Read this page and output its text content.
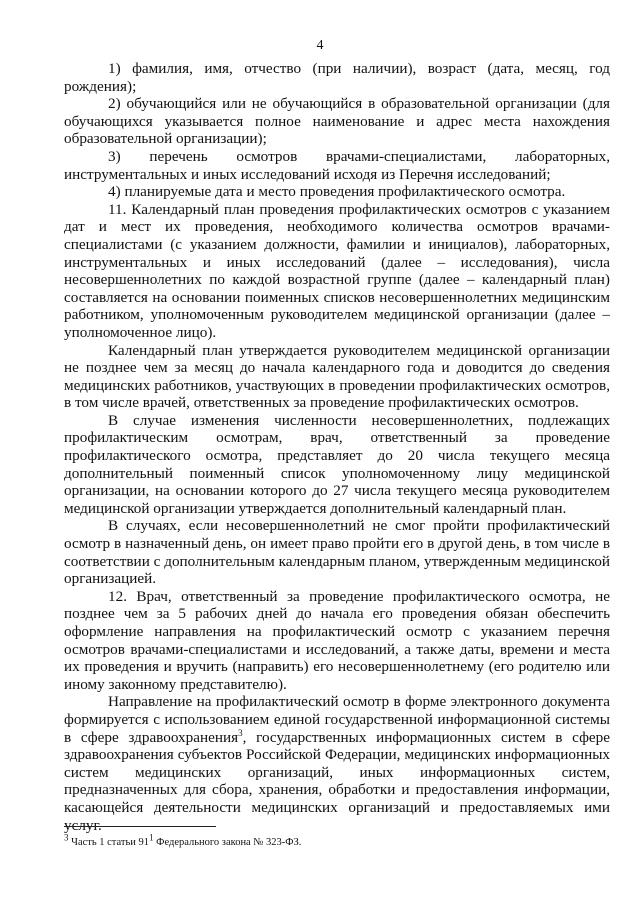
4

1) фамилия, имя, отчество (при наличии), возраст (дата, месяц, год рождения);

2) обучающийся или не обучающийся в образовательной организации (для обучающихся указывается полное наименование и адрес места нахождения образовательной организации);

3) перечень осмотров врачами-специалистами, лабораторных, инструментальных и иных исследований исходя из Перечня исследований;

4) планируемые дата и место проведения профилактического осмотра.

11. Календарный план проведения профилактических осмотров с указанием дат и мест их проведения, необходимого количества осмотров врачами-специалистами (с указанием должности, фамилии и инициалов), лабораторных, инструментальных и иных исследований (далее – исследования), числа несовершеннолетних по каждой возрастной группе (далее – календарный план) составляется на основании поименных списков несовершеннолетних медицинским работником, уполномоченным руководителем медицинской организации (далее – уполномоченное лицо).

Календарный план утверждается руководителем медицинской организации не позднее чем за месяц до начала календарного года и доводится до сведения медицинских работников, участвующих в проведении профилактических осмотров, в том числе врачей, ответственных за проведение профилактических осмотров.

В случае изменения численности несовершеннолетних, подлежащих профилактическим осмотрам, врач, ответственный за проведение профилактического осмотра, представляет до 20 числа текущего месяца дополнительный поименный список уполномоченному лицу медицинской организации, на основании которого до 27 числа текущего месяца руководителем медицинской организации утверждается дополнительный календарный план.

В случаях, если несовершеннолетний не смог пройти профилактический осмотр в назначенный день, он имеет право пройти его в другой день, в том числе в соответствии с дополнительным календарным планом, утвержденным медицинской организацией.

12. Врач, ответственный за проведение профилактического осмотра, не позднее чем за 5 рабочих дней до начала его проведения обязан обеспечить оформление направления на профилактический осмотр с указанием перечня осмотров врачами-специалистами и исследований, а также даты, времени и места их проведения и вручить (направить) его несовершеннолетнему (его родителю или иному законному представителю).

Направление на профилактический осмотр в форме электронного документа формируется с использованием единой государственной информационной системы в сфере здравоохранения$^3$, государственных информационных систем в сфере здравоохранения субъектов Российской Федерации, медицинских информационных систем медицинских организаций, иных информационных систем, предназначенных для сбора, хранения, обработки и предоставления информации, касающейся деятельности медицинских организаций и предоставляемых ими услуг.

$^3$ Часть 1 статьи $91^1$ Федерального закона № 323-ФЗ.
